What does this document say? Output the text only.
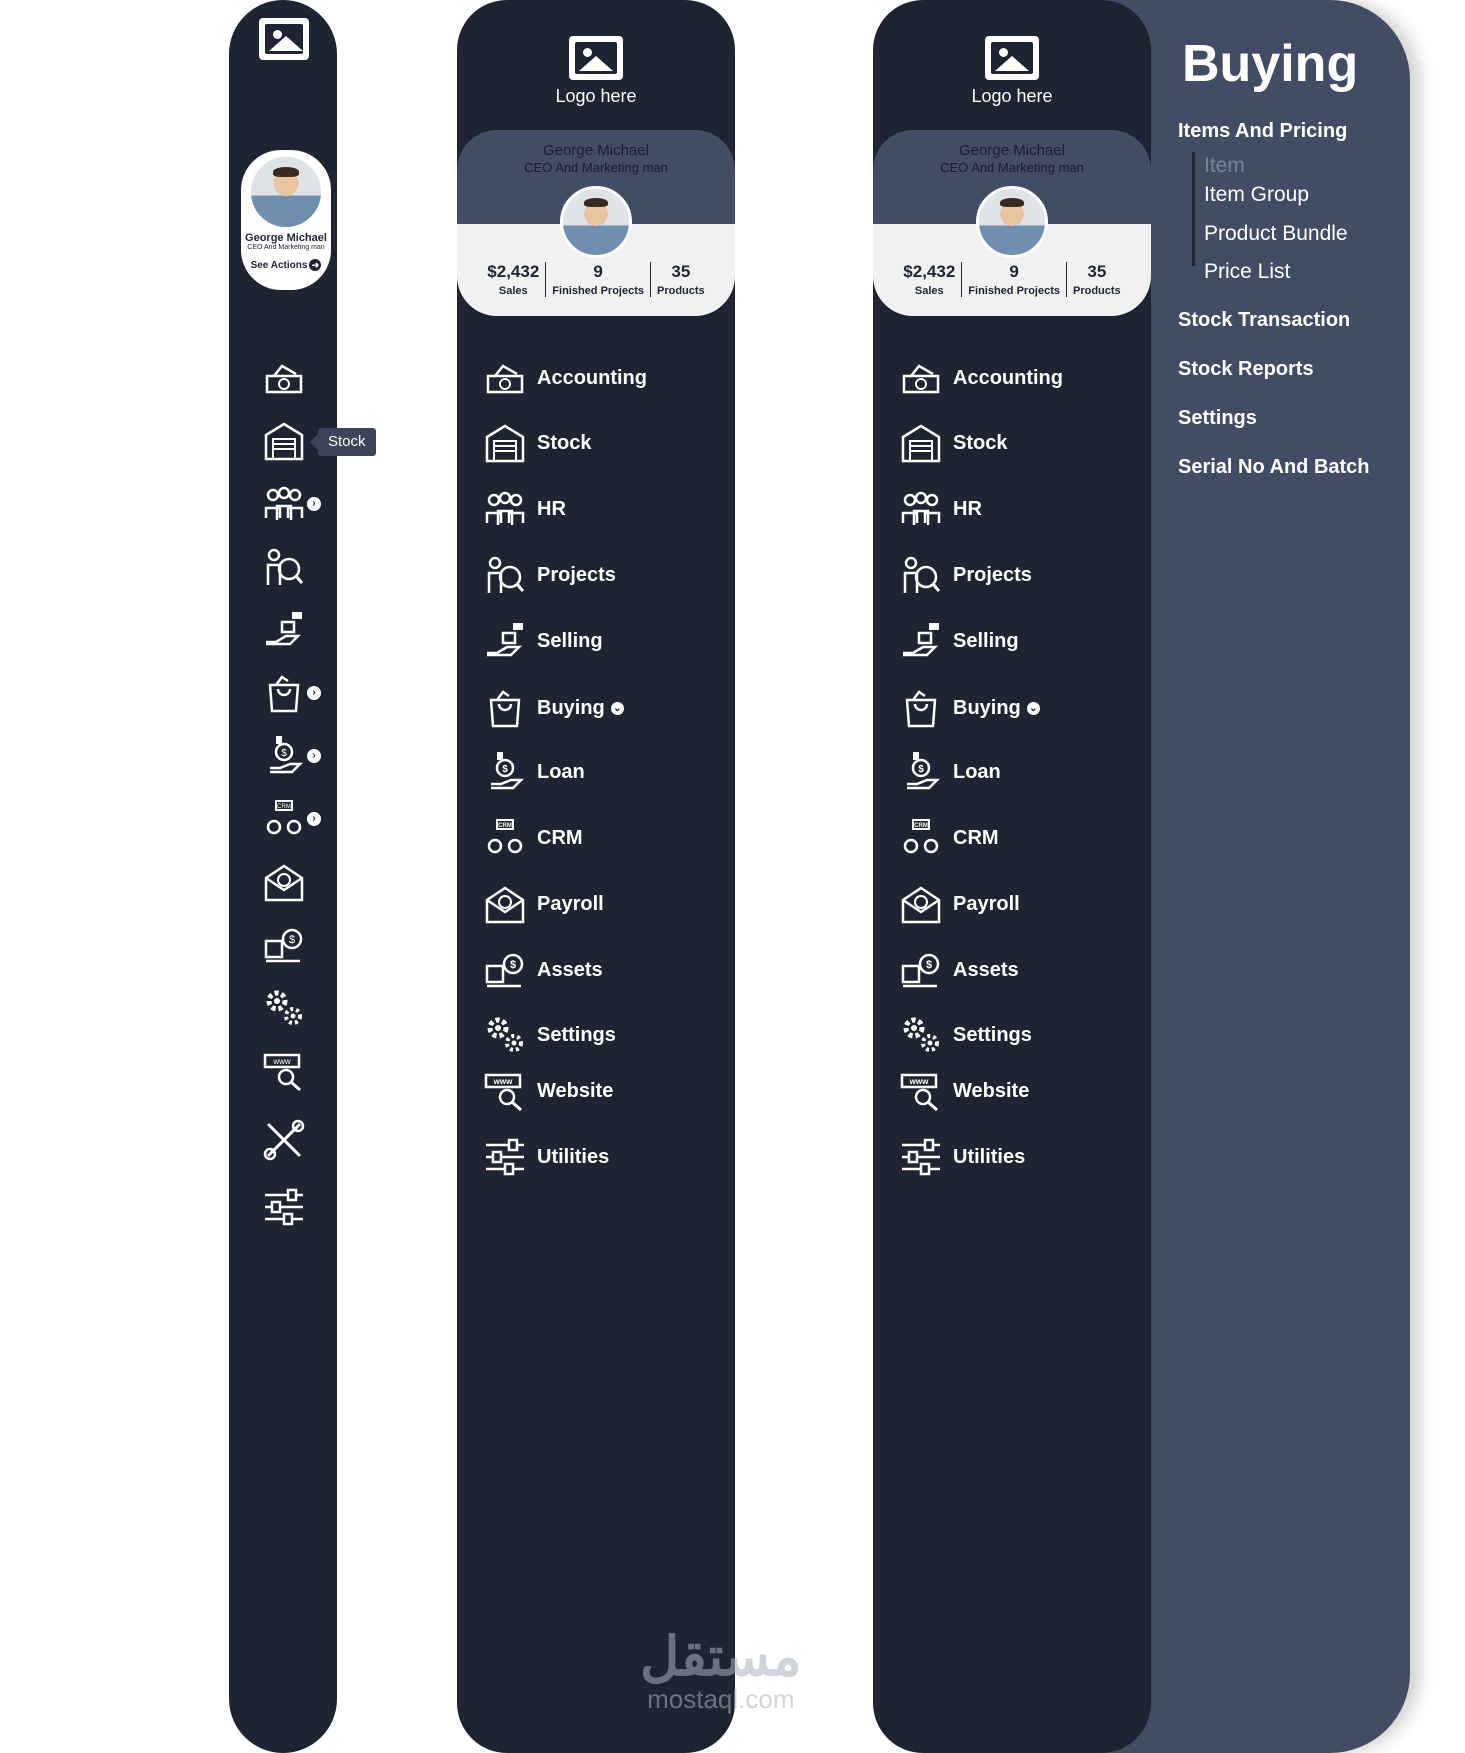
George Michael
CEO And Marketing man
See Actions ➜
›
›
$	›
CRM
›
$
www
Stock
Logo here
George Michael
CEO And Marketing man
$2,432
Sales
9
Finished Projects
35
Products
Accounting
Stock
HR
Projects
Selling
Buying ⌄
$ Loan
CRM
CRM
Payroll
$ Assets
Settings
www Website
Utilities
Buying
Items And Pricing
Item
Item Group
Product Bundle
Price List
Stock Transaction
Stock Reports
Settings
Serial No And Batch
Logo here
George Michael
CEO And Marketing man
$2,432
Sales
9
Finished Projects
35
Products
Accounting
Stock
HR
Projects
Selling
Buying ⌄
$ Loan
CRM
CRM
Payroll
$ Assets
Settings
www Website
Utilities
مستقل
mostaql.com
